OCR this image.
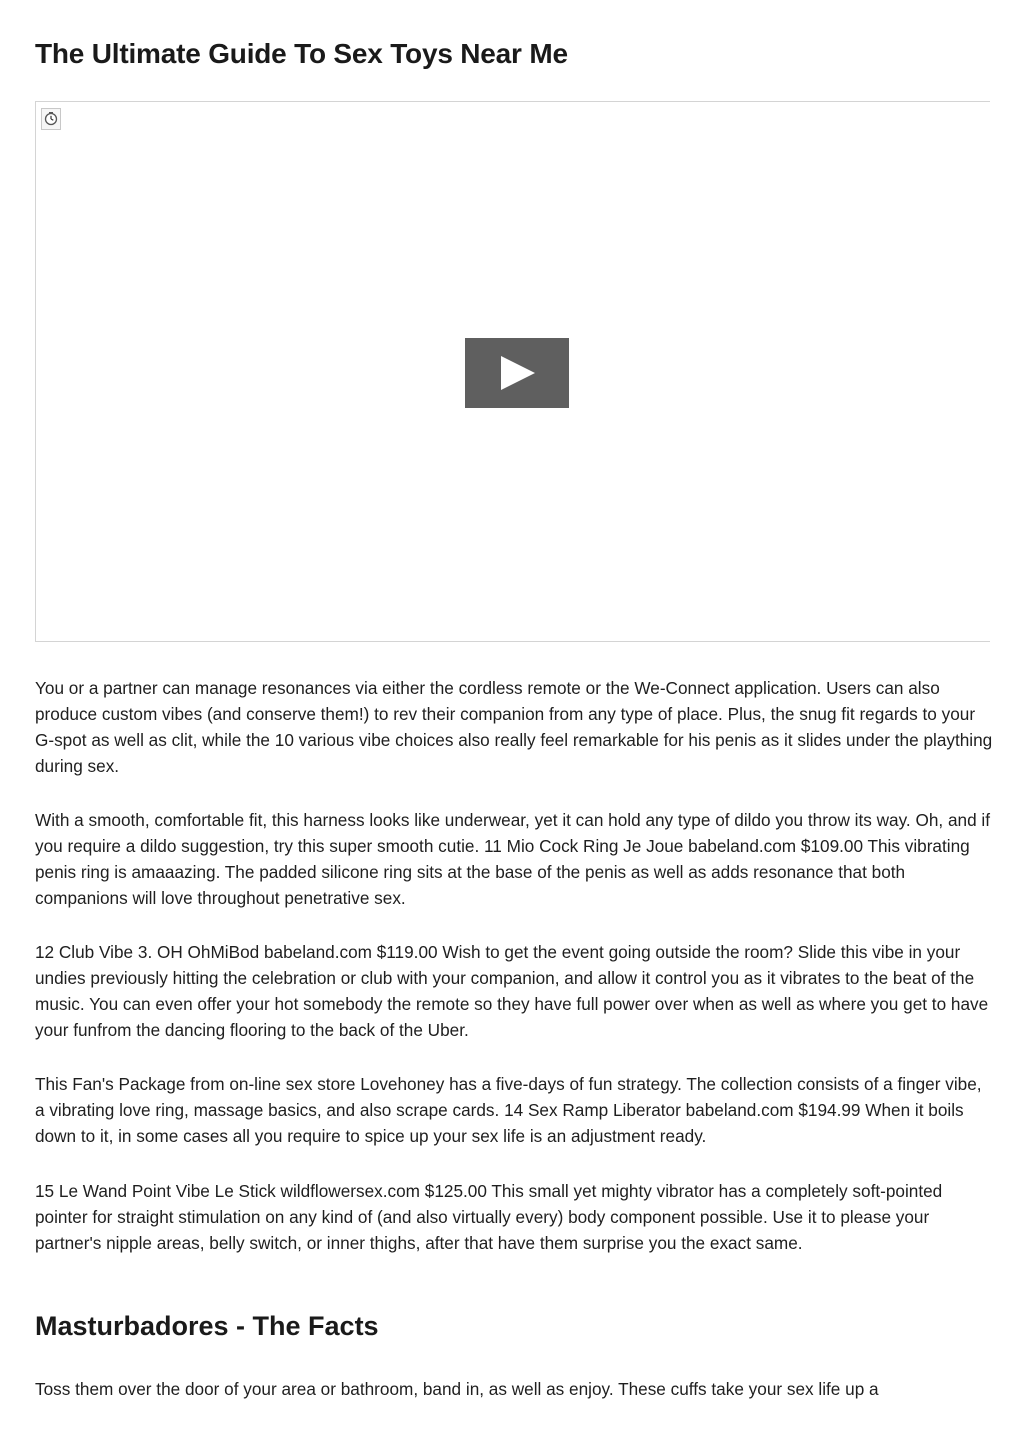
The Ultimate Guide To Sex Toys Near Me

You or a partner can manage resonances via either the cordless remote or the We-Connect application. Users can also produce custom vibes (and conserve them!) to rev their companion from any type of place. Plus, the snug fit regards to your G-spot as well as clit, while the 10 various vibe choices also really feel remarkable for his penis as it slides under the plaything during sex.

With a smooth, comfortable fit, this harness looks like underwear, yet it can hold any type of dildo you throw its way. Oh, and if you require a dildo suggestion, try this super smooth cutie. 11 Mio Cock Ring Je Joue babeland.com $109.00 This vibrating penis ring is amaaazing. The padded silicone ring sits at the base of the penis as well as adds resonance that both companions will love throughout penetrative sex.

12 Club Vibe 3. OH OhMiBod babeland.com $119.00 Wish to get the event going outside the room? Slide this vibe in your undies previously hitting the celebration or club with your companion, and allow it control you as it vibrates to the beat of the music. You can even offer your hot somebody the remote so they have full power over when as well as where you get to have your funfrom the dancing flooring to the back of the Uber.

This Fan's Package from on-line sex store Lovehoney has a five-days of fun strategy. The collection consists of a finger vibe, a vibrating love ring, massage basics, and also scrape cards. 14 Sex Ramp Liberator babeland.com $194.99 When it boils down to it, in some cases all you require to spice up your sex life is an adjustment ready.

15 Le Wand Point Vibe Le Stick wildflowersex.com $125.00 This small yet mighty vibrator has a completely soft-pointed pointer for straight stimulation on any kind of (and also virtually every) body component possible. Use it to please your partner's nipple areas, belly switch, or inner thighs, after that have them surprise you the exact same.

Masturbadores - The Facts

Toss them over the door of your area or bathroom, band in, as well as enjoy. These cuffs take your sex life up a
